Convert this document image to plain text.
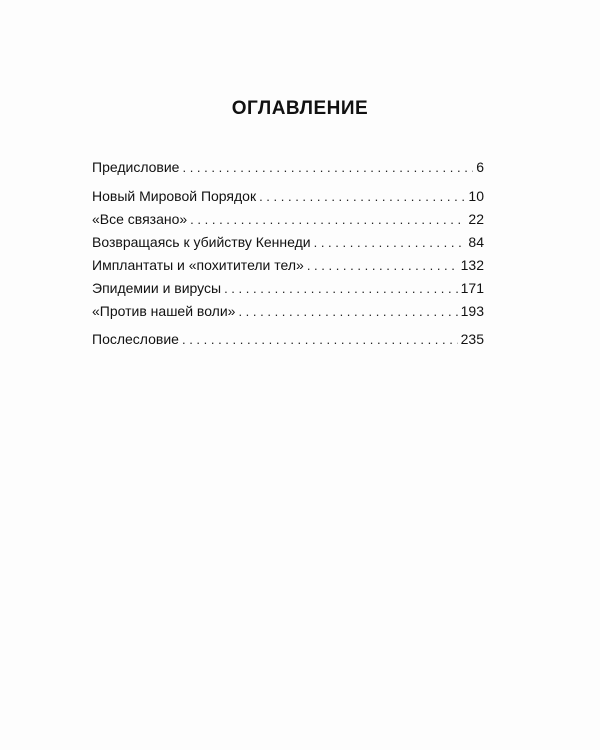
ОГЛАВЛЕНИЕ
Предисловие . . .	6
Новый Мировой Порядок . . .	10
«Все связано» . . .	22
Возвращаясь к убийству Кеннеди . . .	84
Имплантаты и «похитители тел» . . .	132
Эпидемии и вирусы . . .	171
«Против нашей воли» . . .	193
Послесловие . . .	235
